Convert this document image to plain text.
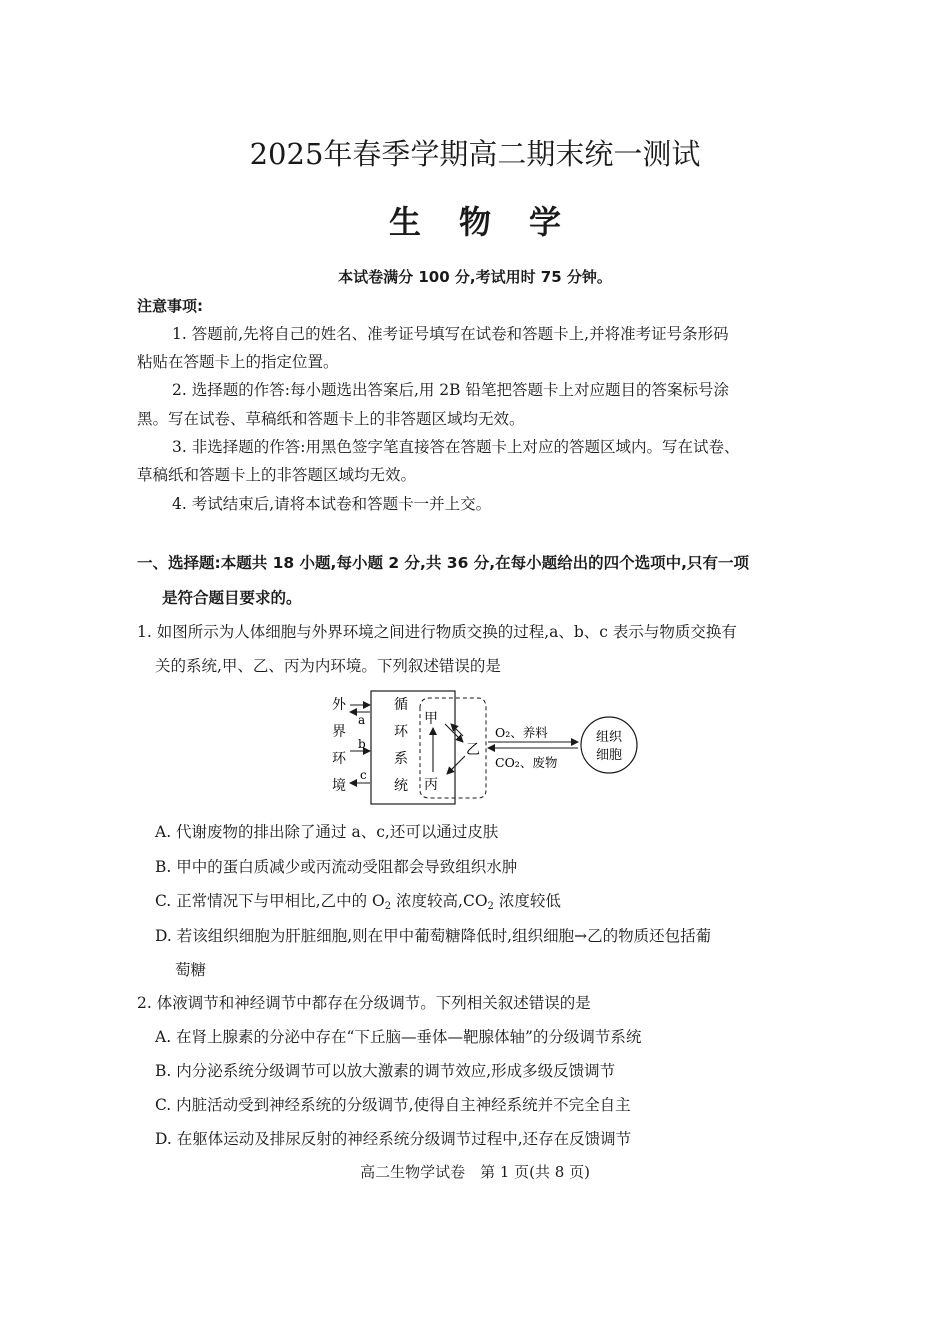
2025年春季学期高二期末统一测试
生物学
本试卷满分 100 分,考试用时 75 分钟。
注意事项:
1. 答题前,先将自己的姓名、准考证号填写在试卷和答题卡上,并将准考证号条形码
粘贴在答题卡上的指定位置。
2. 选择题的作答:每小题选出答案后,用 2B 铅笔把答题卡上对应题目的答案标号涂
黑。写在试卷、草稿纸和答题卡上的非答题区域均无效。
3. 非选择题的作答:用黑色签字笔直接答在答题卡上对应的答题区域内。写在试卷、
草稿纸和答题卡上的非答题区域均无效。
4. 考试结束后,请将本试卷和答题卡一并上交。
一、选择题:本题共 18 小题,每小题 2 分,共 36 分,在每小题给出的四个选项中,只有一项
是符合题目要求的。
1. 如图所示为人体细胞与外界环境之间进行物质交换的过程,a、b、c 表示与物质交换有
关的系统,甲、乙、丙为内环境。下列叙述错误的是
外
界
环
境
a
b
c
循
环
系
统
甲
乙
丙
O₂、养料
CO₂、废物
组织
细胞
A. 代谢废物的排出除了通过 a、c,还可以通过皮肤
B. 甲中的蛋白质减少或丙流动受阻都会导致组织水肿
C. 正常情况下与甲相比,乙中的 $O_2$ 浓度较高$,CO_2$ 浓度较低
D. 若该组织细胞为肝脏细胞,则在甲中葡萄糖降低时,组织细胞→乙的物质还包括葡
萄糖
2. 体液调节和神经调节中都存在分级调节。下列相关叙述错误的是
A. 在肾上腺素的分泌中存在“下丘脑—垂体—靶腺体轴”的分级调节系统
B. 内分泌系统分级调节可以放大激素的调节效应,形成多级反馈调节
C. 内脏活动受到神经系统的分级调节,使得自主神经系统并不完全自主
D. 在躯体运动及排尿反射的神经系统分级调节过程中,还存在反馈调节
高二生物学试卷　第 1 页(共 8 页)
